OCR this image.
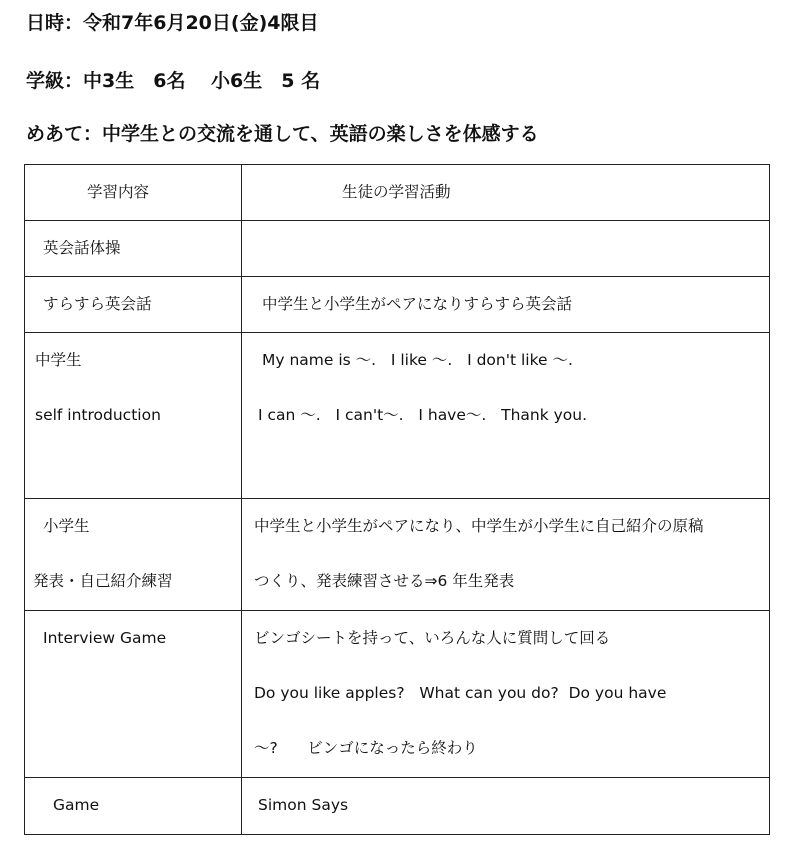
日時：令和7年6月20日(金)4限目
学級：中3生　6名　 小6生　5 名
めあて：中学生との交流を通して、英語の楽しさを体感する
学習内容	生徒の学習活動

英会話体操	

すらすら英会話	中学生と小学生がペアになりすらすら英会話

中学生
self introduction	My name is ～.   I like ～.   I don't like ～.
I can ～.   I can't～.   I have～.   Thank you.

小学生
発表・自己紹介練習	中学生と小学生がペアになり、中学生が小学生に自己紹介の原稿
つくり、発表練習させる⇒6 年生発表

Interview Game	ビンゴシートを持って、いろんな人に質問して回る
Do you like apples?   What can you do?  Do you have
～?      ビンゴになったら終わり

Game	Simon Says
